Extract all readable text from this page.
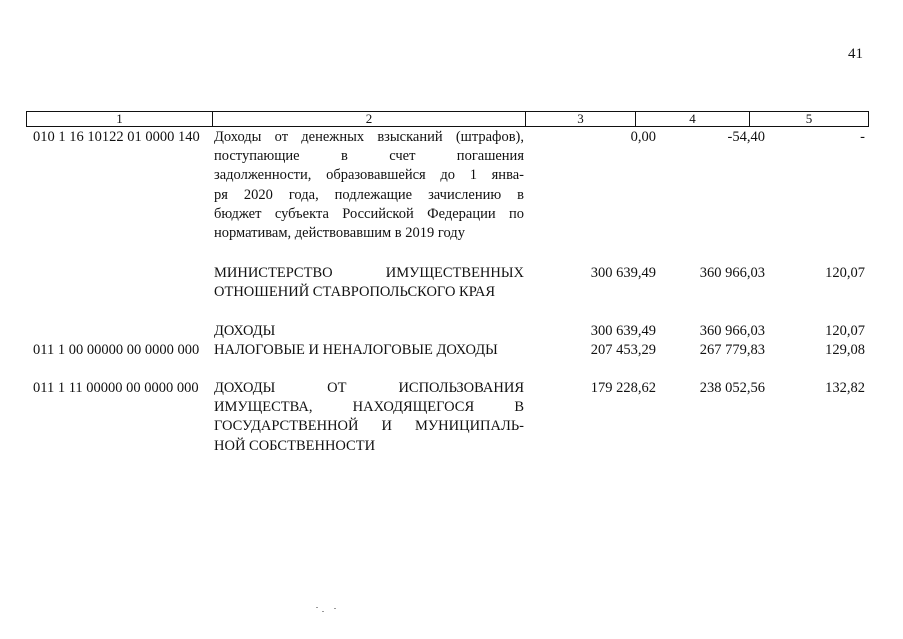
41
1	2	3	4	5
010 1 16 10122 01 0000 140 Доходы от денежных взысканий (штрафов),
поступающие в счет погашения
задолженности, образовавшейся до 1 янва-
ря 2020 года, подлежащие зачислению в
бюджет субъекта Российской Федерации по
нормативам, действовавшим в 2019 году
0,00	-54,40	-
МИНИСТЕРСТВО ИМУЩЕСТВЕННЫХ
ОТНОШЕНИЙ СТАВРОПОЛЬСКОГО КРАЯ
300 639,49	360 966,03	120,07
ДОХОДЫ	300 639,49	360 966,03	120,07
011 1 00 00000 00 0000 000 НАЛОГОВЫЕ И НЕНАЛОГОВЫЕ ДОХОДЫ	207 453,29	267 779,83	129,08
011 1 11 00000 00 0000 000 ДОХОДЫ ОТ ИСПОЛЬЗОВАНИЯ
ИМУЩЕСТВА, НАХОДЯЩЕГОСЯ В
ГОСУДАРСТВЕННОЙ И МУНИЦИПАЛЬ-
НОЙ СОБСТВЕННОСТИ
179 228,62	238 052,56	132,82
